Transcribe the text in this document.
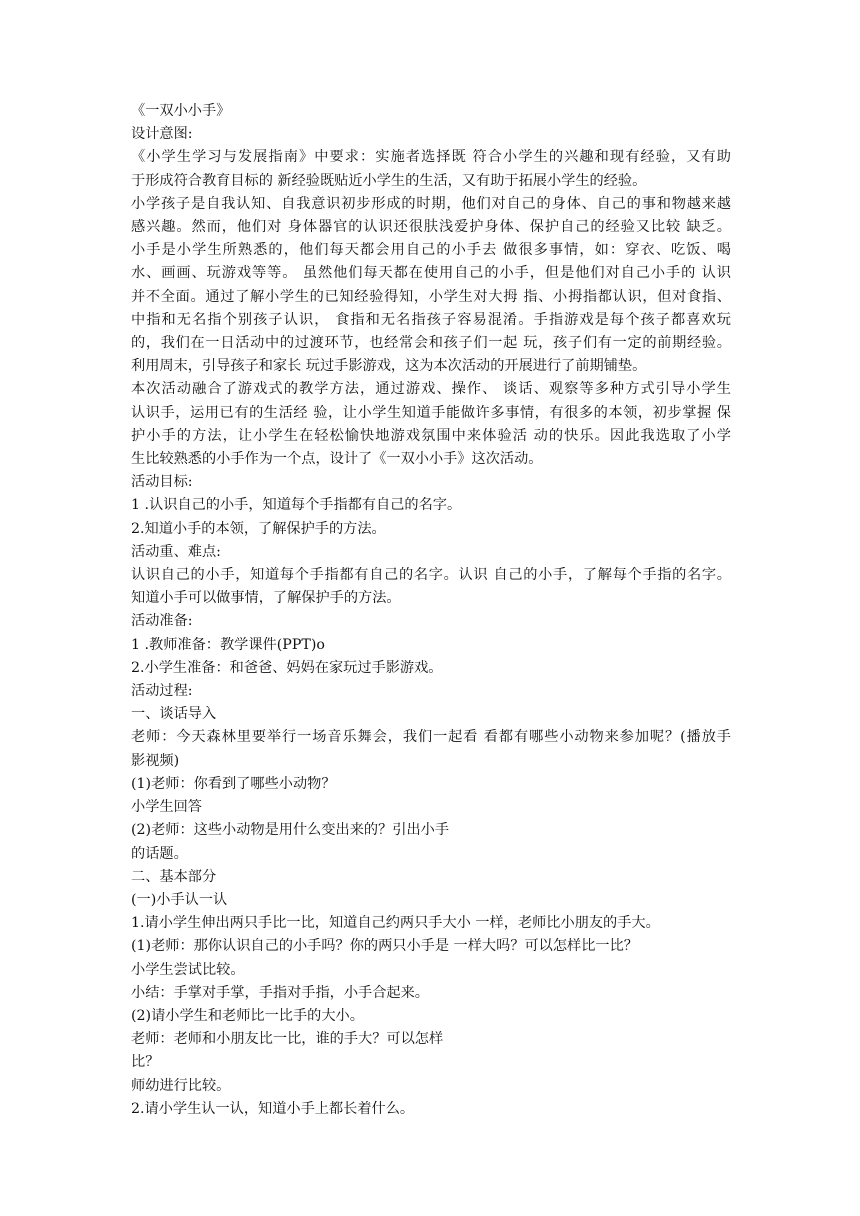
《一双小小手》
设计意图:
《小学生学习与发展指南》中要求：实施者选择既 符合小学生的兴趣和现有经验，又有助
于形成符合教育目标的 新经验既贴近小学生的生活，又有助于拓展小学生的经验。
小学孩子是自我认知、自我意识初步形成的时期，他们对自己的身体、自己的事和物越来越
感兴趣。然而，他们对 身体器官的认识还很肤浅爱护身体、保护自己的经验又比较 缺乏。
小手是小学生所熟悉的，他们每天都会用自己的小手去 做很多事情，如：穿衣、吃饭、喝
水、画画、玩游戏等等。 虽然他们每天都在使用自己的小手，但是他们对自己小手的 认识
并不全面。通过了解小学生的已知经验得知，小学生对大拇 指、小拇指都认识，但对食指、
中指和无名指个别孩子认识， 食指和无名指孩子容易混淆。手指游戏是每个孩子都喜欢玩
的，我们在一日活动中的过渡环节，也经常会和孩子们一起 玩，孩子们有一定的前期经验。
利用周末，引导孩子和家长 玩过手影游戏，这为本次活动的开展进行了前期铺垫。
本次活动融合了游戏式的教学方法，通过游戏、操作、 谈话、观察等多种方式引导小学生
认识手，运用已有的生活经 验，让小学生知道手能做许多事情，有很多的本领，初步掌握 保
护小手的方法，让小学生在轻松愉快地游戏氛围中来体验活 动的快乐。因此我选取了小学
生比较熟悉的小手作为一个点，设计了《一双小小手》这次活动。
活动目标:
1 .认识自己的小手，知道每个手指都有自己的名字。
2.知道小手的本领，了解保护手的方法。
活动重、难点:
认识自己的小手，知道每个手指都有自己的名字。认识 自己的小手，了解每个手指的名字。
知道小手可以做事情，了解保护手的方法。
活动准备:
1 .教师准备：教学课件(PPT)o
2.小学生准备：和爸爸、妈妈在家玩过手影游戏。
活动过程:
一、谈话导入
老师：今天森林里要举行一场音乐舞会，我们一起看 看都有哪些小动物来参加呢？(播放手
影视频)
(1)老师：你看到了哪些小动物？
小学生回答
(2)老师：这些小动物是用什么变出来的？引出小手
的话题。
二、基本部分
(一)小手认一认
1.请小学生伸出两只手比一比，知道自己约两只手大小 一样，老师比小朋友的手大。
(1)老师：那你认识自己的小手吗？你的两只小手是 一样大吗？可以怎样比一比？
小学生尝试比较。
小结：手掌对手掌，手指对手指，小手合起来。
(2)请小学生和老师比一比手的大小。
老师：老师和小朋友比一比，谁的手大？可以怎样
比？
师幼进行比较。
2.请小学生认一认，知道小手上都长着什么。
